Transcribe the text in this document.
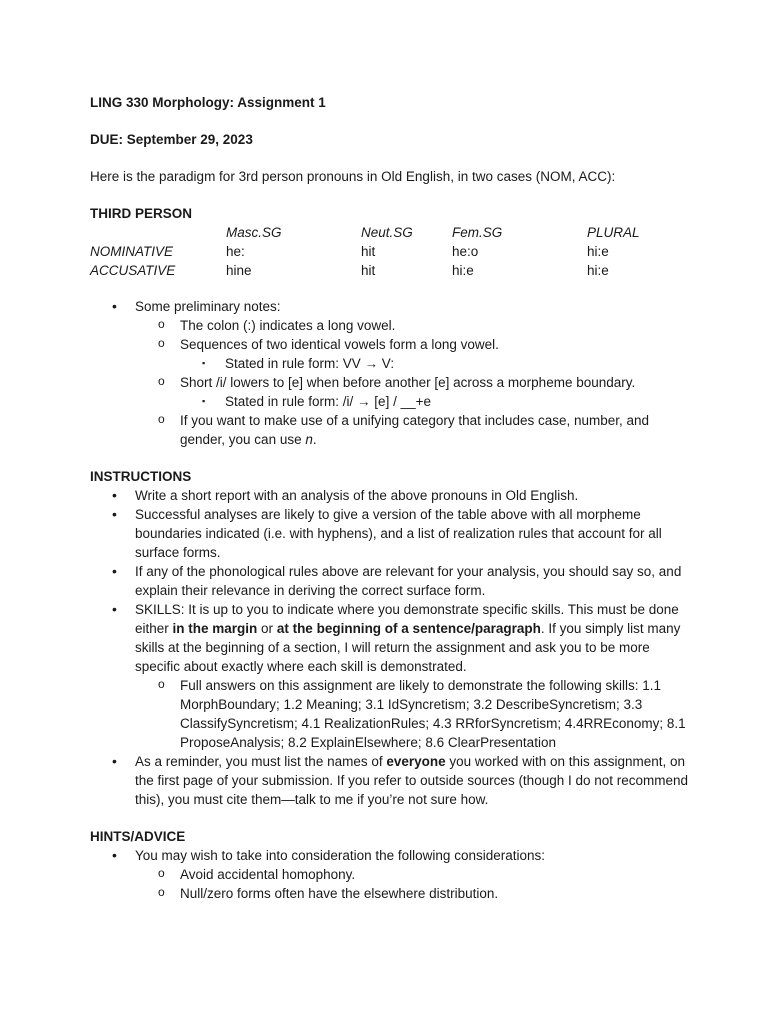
LING 330 Morphology: Assignment 1
DUE: September 29, 2023
Here is the paradigm for 3rd person pronouns in Old English, in two cases (NOM, ACC):
THIRD PERSON
	Masc.SG	Neut.SG	Fem.SG	PLURAL
NOMINATIVE	he:	hit	he:o	hi:e
ACCUSATIVE	hine	hit	hi:e	hi:e
• Some preliminary notes:
o The colon (:) indicates a long vowel.
o Sequences of two identical vowels form a long vowel.
▪ Stated in rule form: VV → V:
o Short /i/ lowers to [e] when before another [e] across a morpheme boundary.
▪ Stated in rule form: /i/ → [e] / __+e
o If you want to make use of a unifying category that includes case, number, and gender, you can use n.
INSTRUCTIONS
• Write a short report with an analysis of the above pronouns in Old English.
• Successful analyses are likely to give a version of the table above with all morpheme boundaries indicated (i.e. with hyphens), and a list of realization rules that account for all surface forms.
• If any of the phonological rules above are relevant for your analysis, you should say so, and explain their relevance in deriving the correct surface form.
• SKILLS: It is up to you to indicate where you demonstrate specific skills. This must be done either in the margin or at the beginning of a sentence/paragraph. If you simply list many skills at the beginning of a section, I will return the assignment and ask you to be more specific about exactly where each skill is demonstrated.
o Full answers on this assignment are likely to demonstrate the following skills: 1.1 MorphBoundary; 1.2 Meaning; 3.1 IdSyncretism; 3.2 DescribeSyncretism; 3.3 ClassifySyncretism; 4.1 RealizationRules; 4.3 RRforSyncretism; 4.4RREconomy; 8.1 ProposeAnalysis; 8.2 ExplainElsewhere; 8.6 ClearPresentation
• As a reminder, you must list the names of everyone you worked with on this assignment, on the first page of your submission. If you refer to outside sources (though I do not recommend this), you must cite them—talk to me if you’re not sure how.
HINTS/ADVICE
• You may wish to take into consideration the following considerations:
o Avoid accidental homophony.
o Null/zero forms often have the elsewhere distribution.
